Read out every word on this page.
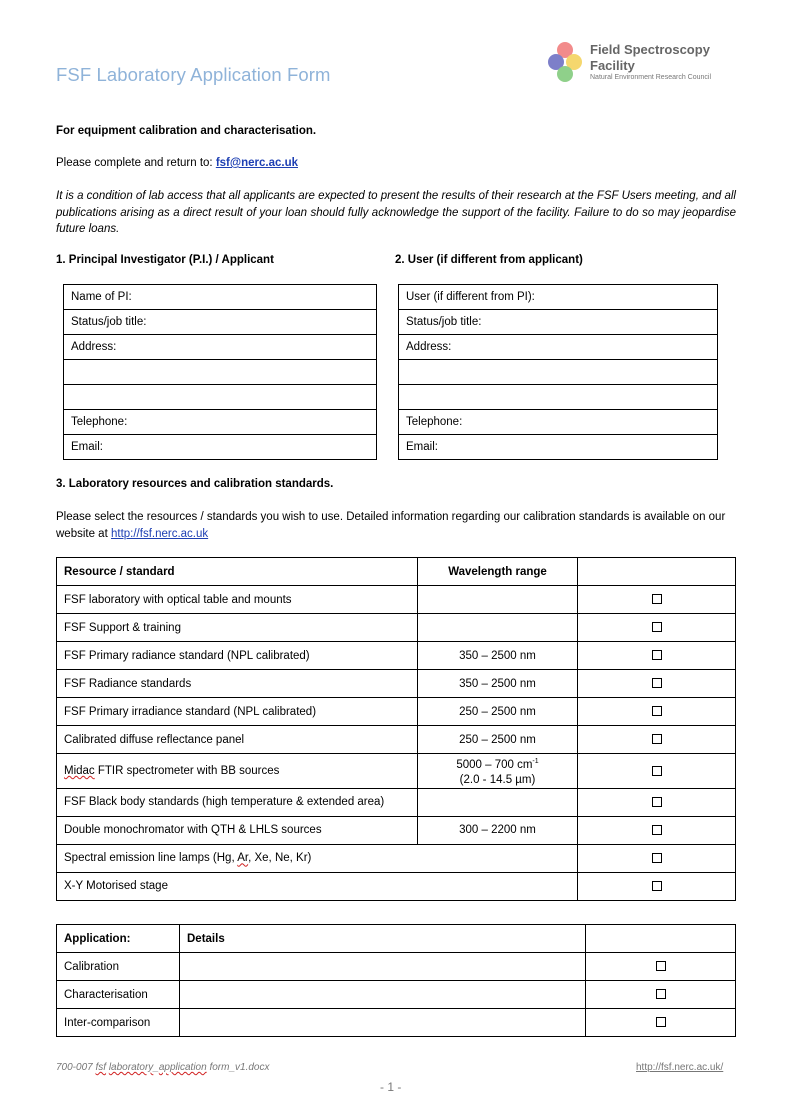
FSF Laboratory Application Form
Field Spectroscopy
Facility
Natural Environment Research Council
For equipment calibration and characterisation.
Please complete and return to: fsf@nerc.ac.uk
It is a condition of lab access that all applicants are expected to present the results of their research at the FSF Users meeting, and all publications arising as a direct result of your loan should fully acknowledge the support of the facility. Failure to do so may jeopardise future loans.
1. Principal Investigator (P.I.) / Applicant	2. User (if different from applicant)
Name of PI:
Status/job title:
Address:

Telephone:
Email:
User (if different from PI):
Status/job title:
Address:

Telephone:
Email:
3. Laboratory resources and calibration standards.
Please select the resources / standards you wish to use. Detailed information regarding our calibration standards is available on our website at http://fsf.nerc.ac.uk
Resource / standard	Wavelength range	
FSF laboratory with optical table and mounts		
FSF Support & training		
FSF Primary radiance standard (NPL calibrated)	350 – 2500 nm	
FSF Radiance standards	350 – 2500 nm	
FSF Primary irradiance standard (NPL calibrated)	250 – 2500 nm	
Calibrated diffuse reflectance panel	250 – 2500 nm	
Midac FTIR spectrometer with BB sources	5000 – 700 $cm^{-1}$
(2.0 - 14.5 µm)	
FSF Black body standards (high temperature & extended area)		
Double monochromator with QTH & LHLS sources	300 – 2200 nm	
Spectral emission line lamps (Hg, Ar, Xe, Ne, Kr)		
X-Y Motorised stage		
Application:	Details	
Calibration		
Characterisation		
Inter-comparison		
700-007 fsf laboratory_application form_v1.docx	http://fsf.nerc.ac.uk/
- 1 -
